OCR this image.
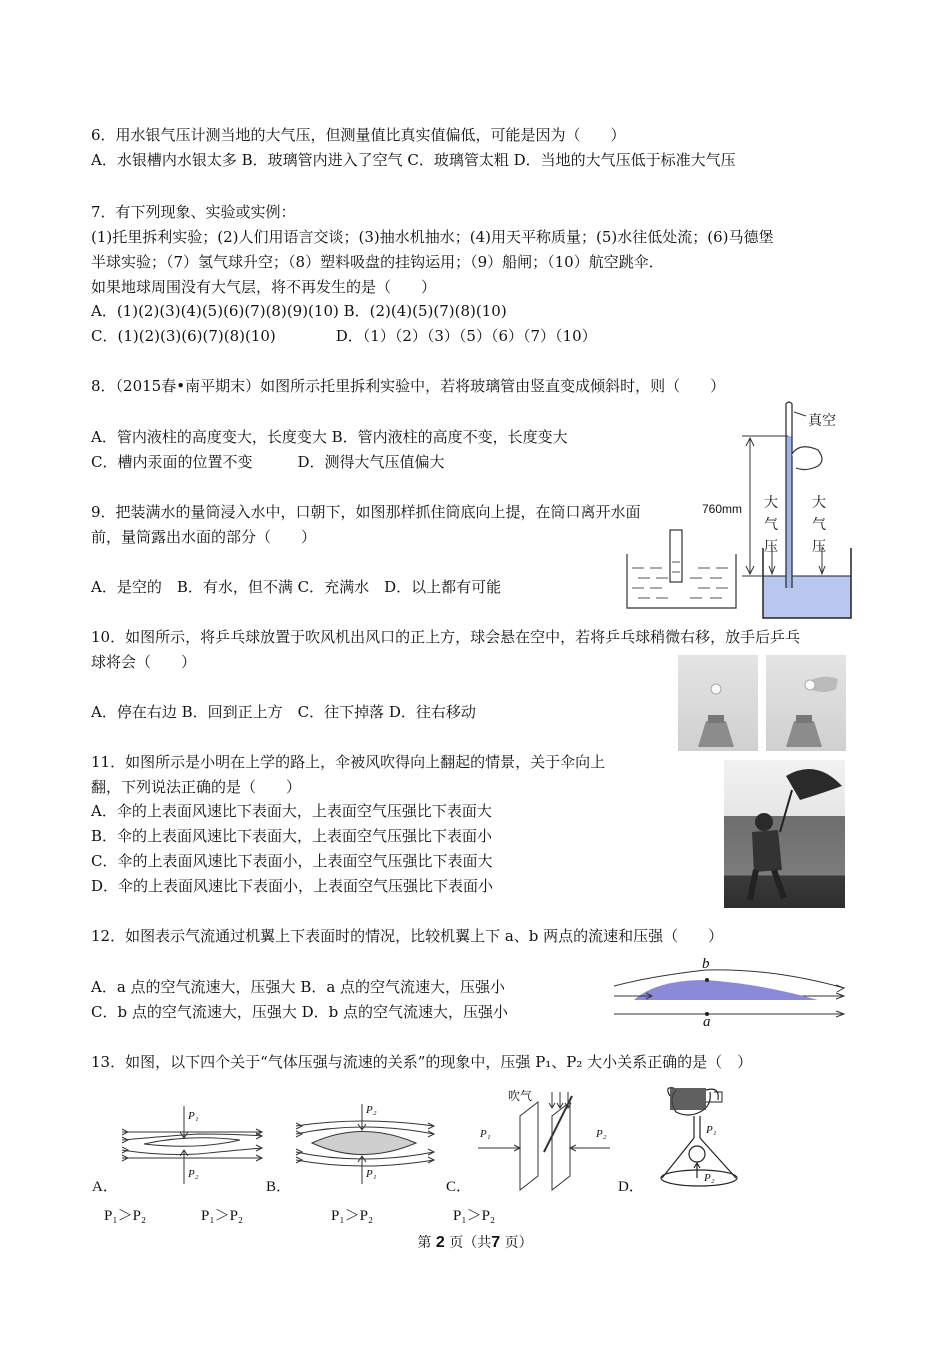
6．用水银气压计测当地的大气压，但测量值比真实值偏低，可能是因为（　　）
A．水银槽内水银太多 B．玻璃管内进入了空气 C．玻璃管太粗 D．当地的大气压低于标准大气压
7．有下列现象、实验或实例：
(1)托里拆利实验；(2)人们用语言交谈；(3)抽水机抽水；(4)用天平称质量；(5)水往低处流；(6)马德堡
半球实验；（7）氢气球升空；（8）塑料吸盘的挂钩运用；（9）船闸；（10）航空跳伞．
如果地球周围没有大气层，将不再发生的是（　　）
A．(1)(2)(3)(4)(5)(6)(7)(8)(9)(10) B．(2)(4)(5)(7)(8)(10)
C．(1)(2)(3)(6)(7)(8)(10)　　　　D．（1）（2）（3）（5）（6）（7）（10）
8．（2015春•南平期末）如图所示托里拆利实验中，若将玻璃管由竖直变成倾斜时，则（　　）
A．管内液柱的高度变大，长度变大 B．管内液柱的高度不变，长度变大
C．槽内汞面的位置不变　　　D．测得大气压值偏大
9．把装满水的量筒浸入水中，口朝下，如图那样抓住筒底向上提，在筒口离开水面
前，量筒露出水面的部分（　　）
A．是空的　B．有水，但不满 C．充满水　D．以上都有可能
10．如图所示，将乒乓球放置于吹风机出风口的正上方，球会悬在空中，若将乒乓球稍微右移，放手后乒乓
球将会（　　）
A．停在右边 B．回到正上方　C．往下掉落 D．往右移动
11．如图所示是小明在上学的路上，伞被风吹得向上翻起的情景，关于伞向上
翻，下列说法正确的是（　　）
A．伞的上表面风速比下表面大，上表面空气压强比下表面大
B．伞的上表面风速比下表面大，上表面空气压强比下表面小
C．伞的上表面风速比下表面小，上表面空气压强比下表面大
D．伞的上表面风速比下表面小，上表面空气压强比下表面小
12．如图表示气流通过机翼上下表面时的情况，比较机翼上下 a、b 两点的流速和压强（　　）
A．a 点的空气流速大，压强大 B．a 点的空气流速大，压强小
C．b 点的空气流速大，压强大 D．b 点的空气流速大，压强小
13．如图，以下四个关于“气体压强与流速的关系”的现象中，压强 P₁、P₂ 大小关系正确的是（　）
真空
760mm 大
气
压
大
气
压
b
a
P₁
P₂
P₂
P₁
吹气
P₁	P₂	P₁
P₂
A．	B．	C．	D．
P₁＞P₂	P₁＞P₂	P₁＞P₂	P₁＞P₂
第 2 页（共7 页）
